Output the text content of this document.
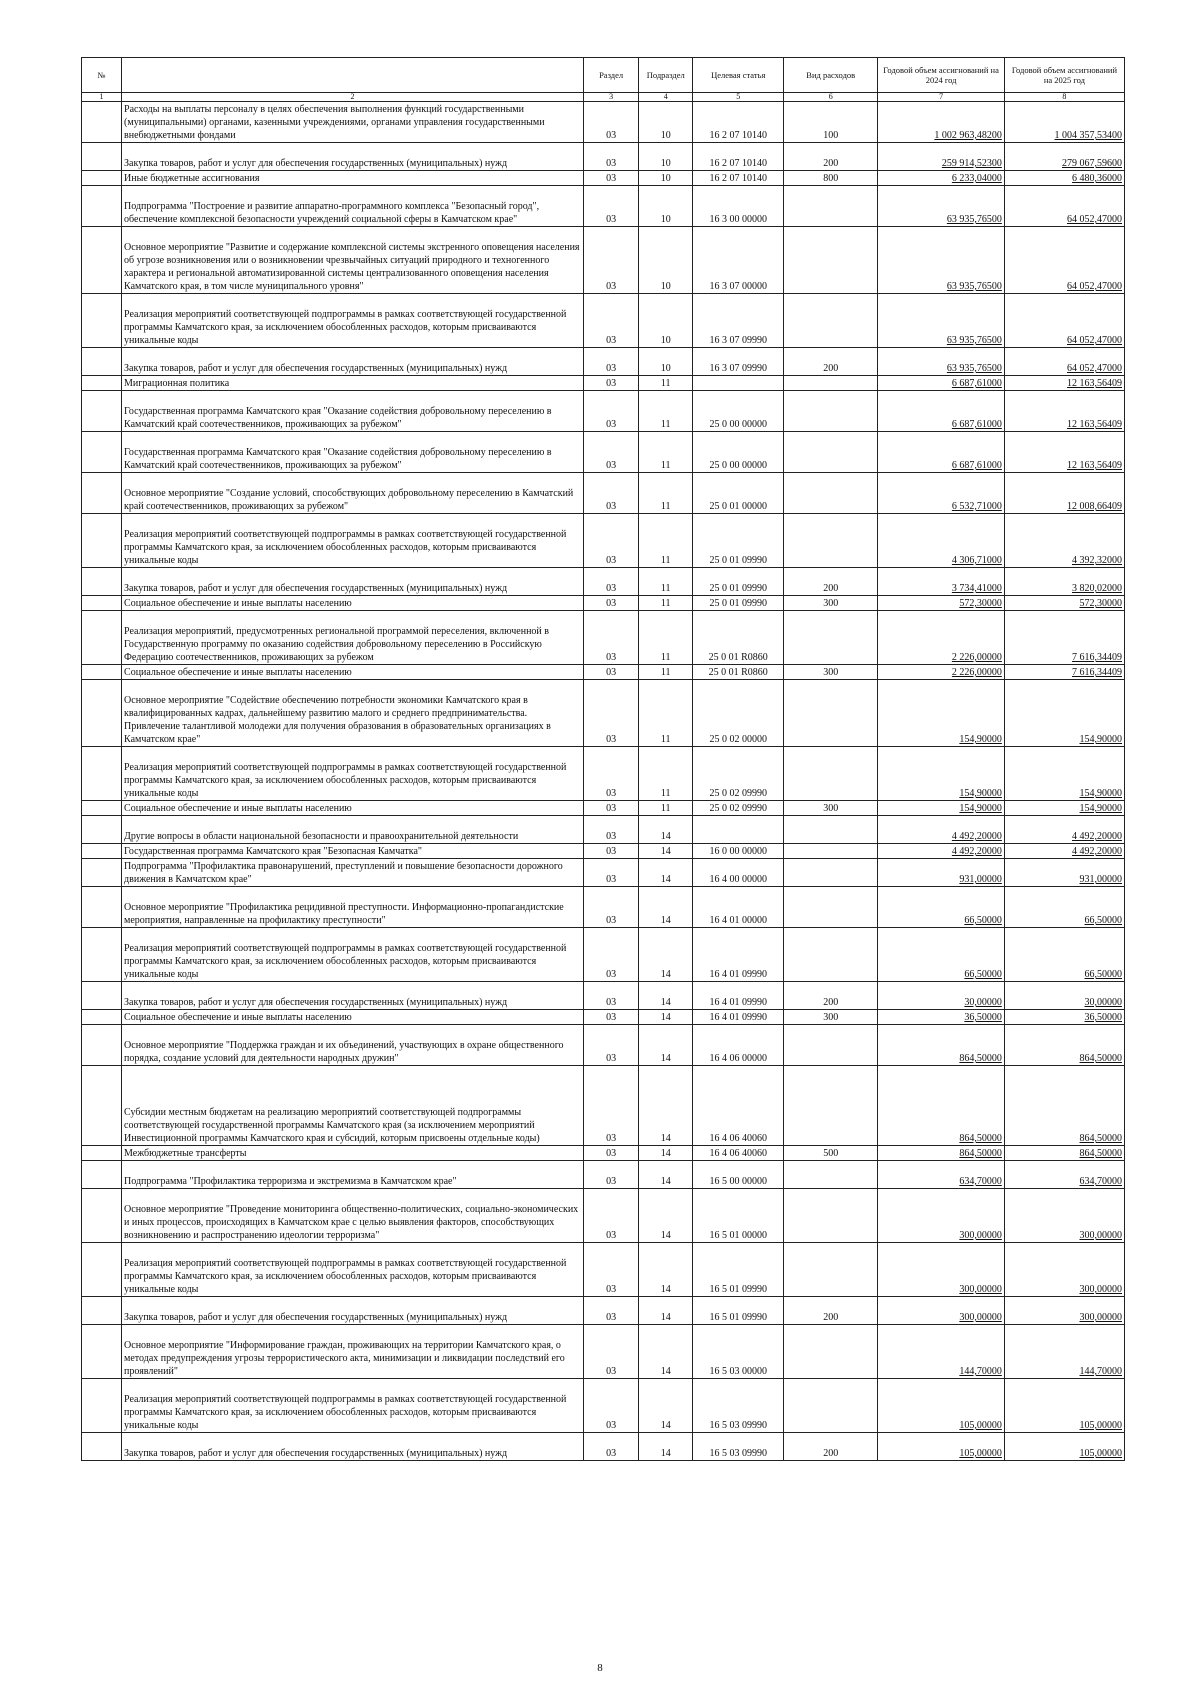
№		Раздел	Подраздел	Целевая статья	Вид расходов	Годовой объем ассигнований на 2024 год	Годовой объем ассигнований на 2025 год
1	2	3	4	5	6	7	8
	Расходы на выплаты персоналу в целях обеспечения выполнения функций государственными (муниципальными) органами, казенными учреждениями, органами управления государственными внебюджетными фондами	03	10	16 2 07 10140	100	1 002 963,48200	1 004 357,53400
	Закупка товаров, работ и услуг для обеспечения государственных (муниципальных) нужд	03	10	16 2 07 10140	200	259 914,52300	279 067,59600
	Иные бюджетные ассигнования	03	10	16 2 07 10140	800	6 233,04000	6 480,36000
	Подпрограмма "Построение и развитие аппаратно-программного комплекса "Безопасный город", обеспечение комплексной безопасности учреждений социальной сферы в Камчатском крае"	03	10	16 3 00 00000		63 935,76500	64 052,47000
	Основное мероприятие "Развитие и содержание комплексной системы экстренного оповещения населения об угрозе возникновения или о возникновении чрезвычайных ситуаций природного и техногенного характера и региональной автоматизированной системы централизованного оповещения населения Камчатского края, в том числе муниципального уровня"	03	10	16 3 07 00000		63 935,76500	64 052,47000
	Реализация мероприятий соответствующей подпрограммы в рамках соответствующей государственной программы Камчатского края, за исключением обособленных расходов, которым присваиваются уникальные коды	03	10	16 3 07 09990		63 935,76500	64 052,47000
	Закупка товаров, работ и услуг для обеспечения государственных (муниципальных) нужд	03	10	16 3 07 09990	200	63 935,76500	64 052,47000
	Миграционная политика	03	11			6 687,61000	12 163,56409
	Государственная программа Камчатского края "Оказание содействия добровольному переселению в Камчатский край соотечественников, проживающих за рубежом"	03	11	25 0 00 00000		6 687,61000	12 163,56409
	Государственная программа Камчатского края "Оказание содействия добровольному переселению в Камчатский край соотечественников, проживающих за рубежом"	03	11	25 0 00 00000		6 687,61000	12 163,56409
	Основное мероприятие "Создание условий, способствующих добровольному переселению в Камчатский край соотечественников, проживающих за рубежом"	03	11	25 0 01 00000		6 532,71000	12 008,66409
	Реализация мероприятий соответствующей подпрограммы в рамках соответствующей государственной программы Камчатского края, за исключением обособленных расходов, которым присваиваются уникальные коды	03	11	25 0 01 09990		4 306,71000	4 392,32000
	Закупка товаров, работ и услуг для обеспечения государственных (муниципальных) нужд	03	11	25 0 01 09990	200	3 734,41000	3 820,02000
	Социальное обеспечение и иные выплаты населению	03	11	25 0 01 09990	300	572,30000	572,30000
	Реализация мероприятий, предусмотренных региональной программой переселения, включенной в Государственную программу по оказанию содействия добровольному переселению в Российскую Федерацию соотечественников, проживающих за рубежом	03	11	25 0 01 R0860		2 226,00000	7 616,34409
	Социальное обеспечение и иные выплаты населению	03	11	25 0 01 R0860	300	2 226,00000	7 616,34409
	Основное мероприятие "Содействие обеспечению потребности экономики Камчатского края в квалифицированных кадрах, дальнейшему развитию малого и среднего предпринимательства. Привлечение талантливой молодежи для получения образования в образовательных организациях в Камчатском крае"	03	11	25 0 02 00000		154,90000	154,90000
	Реализация мероприятий соответствующей подпрограммы в рамках соответствующей государственной программы Камчатского края, за исключением обособленных расходов, которым присваиваются уникальные коды	03	11	25 0 02 09990		154,90000	154,90000
	Социальное обеспечение и иные выплаты населению	03	11	25 0 02 09990	300	154,90000	154,90000
	Другие вопросы в области национальной безопасности и правоохранительной деятельности	03	14			4 492,20000	4 492,20000
	Государственная программа Камчатского края "Безопасная Камчатка"	03	14	16 0 00 00000		4 492,20000	4 492,20000
	Подпрограмма "Профилактика правонарушений, преступлений и повышение безопасности дорожного движения в Камчатском крае"	03	14	16 4 00 00000		931,00000	931,00000
	Основное мероприятие "Профилактика рецидивной преступности. Информационно-пропагандистские мероприятия, направленные на профилактику преступности"	03	14	16 4 01 00000		66,50000	66,50000
	Реализация мероприятий соответствующей подпрограммы в рамках соответствующей государственной программы Камчатского края, за исключением обособленных расходов, которым присваиваются уникальные коды	03	14	16 4 01 09990		66,50000	66,50000
	Закупка товаров, работ и услуг для обеспечения государственных (муниципальных) нужд	03	14	16 4 01 09990	200	30,00000	30,00000
	Социальное обеспечение и иные выплаты населению	03	14	16 4 01 09990	300	36,50000	36,50000
	Основное мероприятие "Поддержка граждан и их объединений, участвующих в охране общественного порядка, создание условий для деятельности народных дружин"	03	14	16 4 06 00000		864,50000	864,50000
	Субсидии местным бюджетам на реализацию мероприятий соответствующей подпрограммы соответствующей государственной программы Камчатского края (за исключением мероприятий Инвестиционной программы Камчатского края и субсидий, которым присвоены отдельные коды)	03	14	16 4 06 40060		864,50000	864,50000
	Межбюджетные трансферты	03	14	16 4 06 40060	500	864,50000	864,50000
	Подпрограмма "Профилактика терроризма и экстремизма в Камчатском крае"	03	14	16 5 00 00000		634,70000	634,70000
	Основное мероприятие "Проведение мониторинга общественно-политических, социально-экономических и иных процессов, происходящих в Камчатском крае с целью выявления факторов, способствующих возникновению и распространению идеологии терроризма"	03	14	16 5 01 00000		300,00000	300,00000
	Реализация мероприятий соответствующей подпрограммы в рамках соответствующей государственной программы Камчатского края, за исключением обособленных расходов, которым присваиваются уникальные коды	03	14	16 5 01 09990		300,00000	300,00000
	Закупка товаров, работ и услуг для обеспечения государственных (муниципальных) нужд	03	14	16 5 01 09990	200	300,00000	300,00000
	Основное мероприятие "Информирование граждан, проживающих на территории Камчатского края, о методах предупреждения угрозы террористического акта, минимизации и ликвидации последствий его проявлений"	03	14	16 5 03 00000		144,70000	144,70000
	Реализация мероприятий соответствующей подпрограммы в рамках соответствующей государственной программы Камчатского края, за исключением обособленных расходов, которым присваиваются уникальные коды	03	14	16 5 03 09990		105,00000	105,00000
	Закупка товаров, работ и услуг для обеспечения государственных (муниципальных) нужд	03	14	16 5 03 09990	200	105,00000	105,00000
8
